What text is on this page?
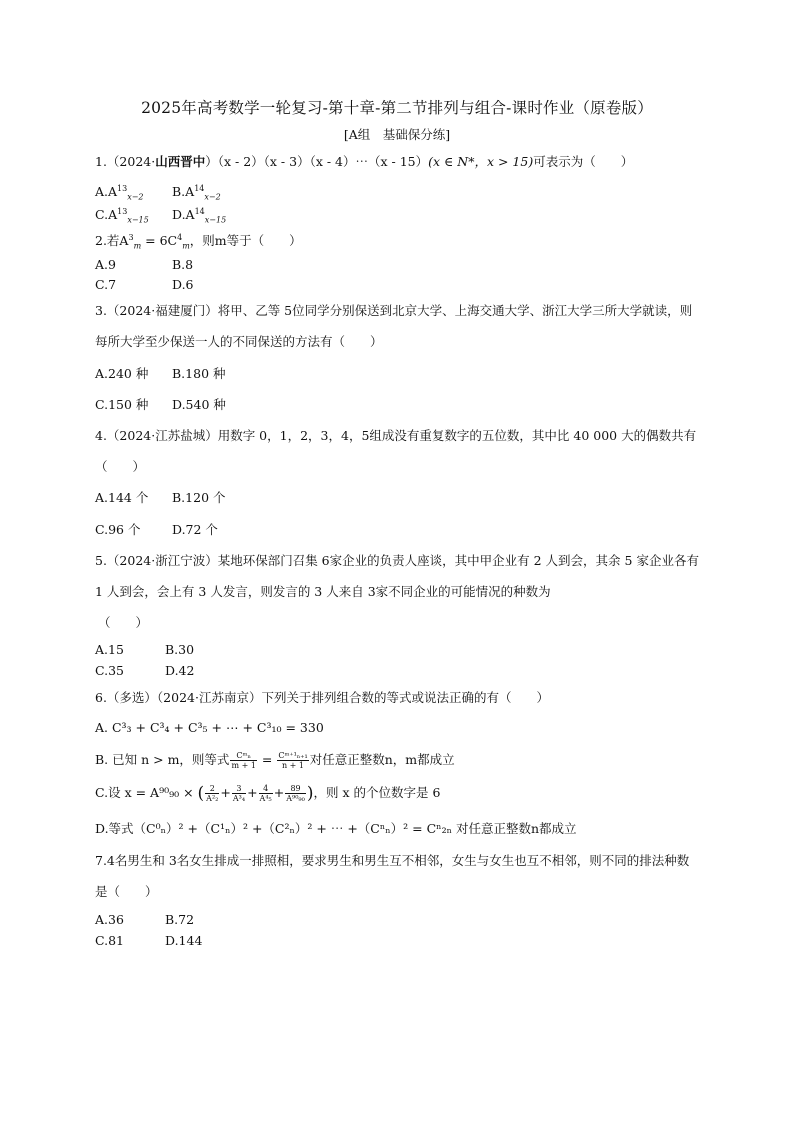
2025年高考数学一轮复习-第十章-第二节排列与组合-课时作业（原卷版）
[A组　基础保分练]
1.（2024·山西晋中）（x - 2）（x - 3）（x - 4）⋯（x - 15）(x ∈ N*，x > 15)可表示为（　　）
$A.A^{13}_{x-2}$ $B.A^{14}_{x-2}$
$C.A^{13}_{x-15}$ $D.A^{14}_{x-15}$
2.若$A^3_m = 6C^4_m$，则m等于（　　）
A.9	B.8
C.7	D.6
3.（2024·福建厦门）将甲、乙等 5位同学分别保送到北京大学、上海交通大学、浙江大学三所大学就读，则每所大学至少保送一人的不同保送的方法有（　　）
A.240 种 B.180 种
C.150 种 D.540 种
4.（2024·江苏盐城）用数字 0，1，2，3，4，5组成没有重复数字的五位数，其中比 40 000 大的偶数共有（　　）
A.144 个 B.120 个
C.96 个	D.72 个
5.（2024·浙江宁波）某地环保部门召集 6家企业的负责人座谈，其中甲企业有 2 人到会，其余 5 家企业各有 1 人到会，会上有 3 人发言，则发言的 3 人来自 3家不同企业的可能情况的种数为
（　　）
A.15	B.30
C.35	D.42
6.（多选）（2024·江苏南京）下列关于排列组合数的等式或说法正确的有（　　）
A. C³₃ + C³₄ + C³₅ + ⋯ + C³₁₀ = 330
B. 已知 n > m，则等式 $\frac{\text{Cᵐₙ}}{m + 1} = \frac{\text{Cᵐ⁺¹ₙ₊₁}}{n + 1}$ 对任意正整数n，m都成立
C.设 x = A⁹⁰₉₀ × ( $\frac{2}{\text{A²₂}} + \frac{3}{\text{A³₄}} + \frac{4}{\text{A⁴₅}} + \frac{89}{\text{A⁹⁰₉₀}}$ )，则 x 的个位数字是 6
D.等式（C⁰ₙ）² +（C¹ₙ）² +（C²ₙ）² + ⋯ +（Cⁿₙ）² = Cⁿ₂ₙ 对任意正整数n都成立
7.4名男生和 3名女生排成一排照相，要求男生和男生互不相邻，女生与女生也互不相邻，则不同的排法种数是（　　）
A.36	B.72
C.81	D.144
